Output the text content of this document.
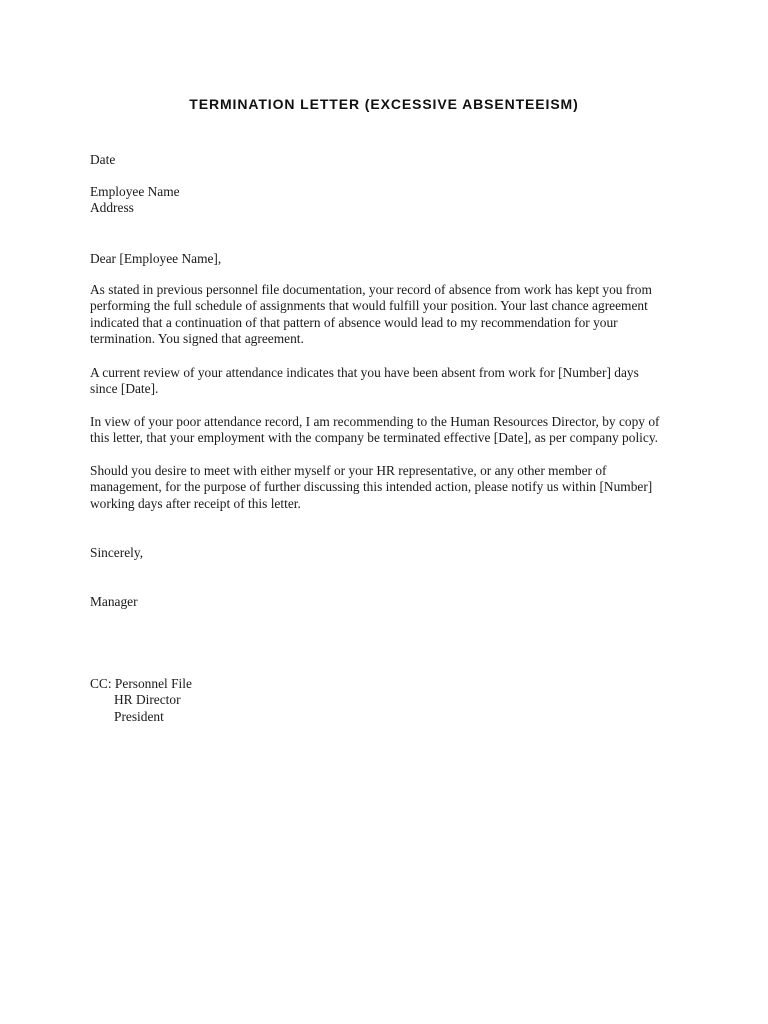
TERMINATION LETTER (EXCESSIVE ABSENTEEISM)
Date
Employee Name
Address
Dear [Employee Name],
As stated in previous personnel file documentation, your record of absence from work has kept you from
performing the full schedule of assignments that would fulfill your position. Your last chance agreement
indicated that a continuation of that pattern of absence would lead to my recommendation for your
termination. You signed that agreement.
A current review of your attendance indicates that you have been absent from work for [Number] days
since [Date].
In view of your poor attendance record, I am recommending to the Human Resources Director, by copy of
this letter, that your employment with the company be terminated effective [Date], as per company policy.
Should you desire to meet with either myself or your HR representative, or any other member of
management, for the purpose of further discussing this intended action, please notify us within [Number]
working days after receipt of this letter.
Sincerely,
Manager
CC: Personnel File
HR Director
President
